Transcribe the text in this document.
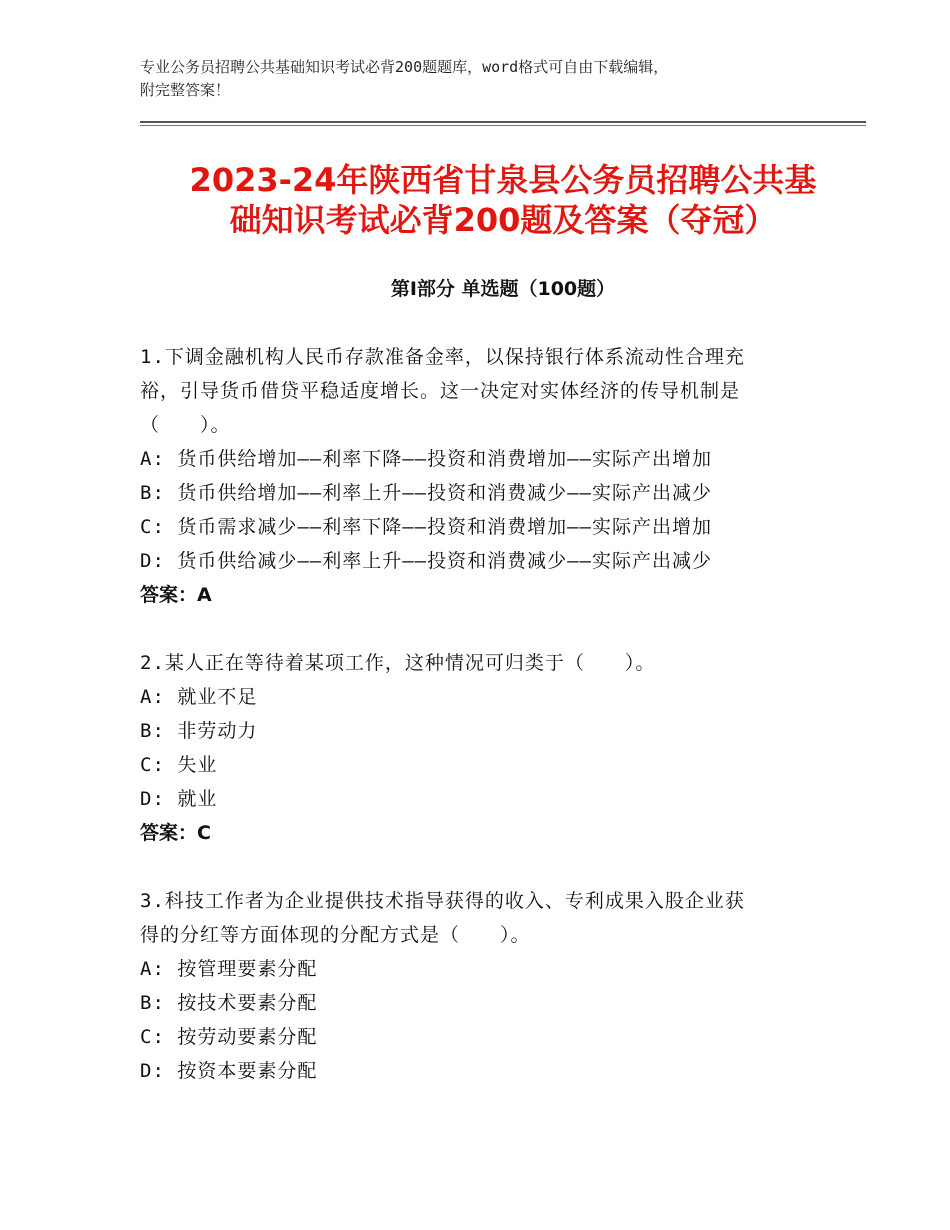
专业公务员招聘公共基础知识考试必背200题题库，word格式可自由下载编辑，
附完整答案！
2023-24年陕西省甘泉县公务员招聘公共基
础知识考试必背200题及答案（夺冠）
第Ⅰ部分 单选题（100题）

1.下调金融机构人民币存款准备金率，以保持银行体系流动性合理充

裕，引导货币借贷平稳适度增长。这一决定对实体经济的传导机制是

（　　）。

A: 货币供给增加——利率下降——投资和消费增加——实际产出增加

B: 货币供给增加——利率上升——投资和消费减少——实际产出减少

C: 货币需求减少——利率下降——投资和消费增加——实际产出增加

D: 货币供给减少——利率上升——投资和消费减少——实际产出减少

答案：A

2.某人正在等待着某项工作，这种情况可归类于（　　）。

A: 就业不足

B: 非劳动力

C: 失业

D: 就业

答案：C

3.科技工作者为企业提供技术指导获得的收入、专利成果入股企业获

得的分红等方面体现的分配方式是（　　）。

A: 按管理要素分配

B: 按技术要素分配

C: 按劳动要素分配

D: 按资本要素分配
